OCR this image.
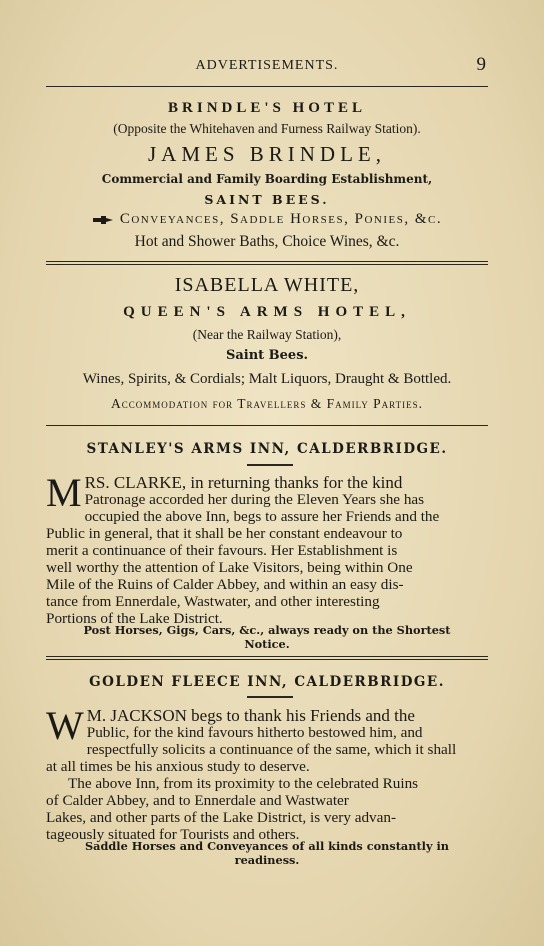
ADVERTISEMENTS.	9
BRINDLE'S HOTEL
(Opposite the Whitehaven and Furness Railway Station).
JAMES BRINDLE,
Commercial and Family Boarding Establishment,
SAINT BEES.
Conveyances, Saddle Horses, Ponies, &c.
Hot and Shower Baths, Choice Wines, &c.
ISABELLA WHITE,
QUEEN'S ARMS HOTEL,
(Near the Railway Station),
Saint Bees.
Wines, Spirits, & Cordials; Malt Liquors, Draught & Bottled.
Accommodation for Travellers & Family Parties.
STANLEY'S ARMS INN, CALDERBRIDGE.
M RS. CLARKE, in returning thanks for the kind

Patronage accorded her during the Eleven Years she has

occupied the above Inn, begs to assure her Friends and the

Public in general, that it shall be her constant endeavour to

merit a continuance of their favours. Her Establishment is

well worthy the attention of Lake Visitors, being within One

Mile of the Ruins of Calder Abbey, and within an easy dis-

tance from Ennerdale, Wastwater, and other interesting

Portions of the Lake District.

Post Horses, Gigs, Cars, &c., always ready on the Shortest
Notice.
GOLDEN FLEECE INN, CALDERBRIDGE.
W M. JACKSON begs to thank his Friends and the

Public, for the kind favours hitherto bestowed him, and

respectfully solicits a continuance of the same, which it shall

at all times be his anxious study to deserve.

The above Inn, from its proximity to the celebrated Ruins

of Calder Abbey, and to Ennerdale and Wastwater

Lakes, and other parts of the Lake District, is very advan-

tageously situated for Tourists and others.

Saddle Horses and Conveyances of all kinds constantly in
readiness.
